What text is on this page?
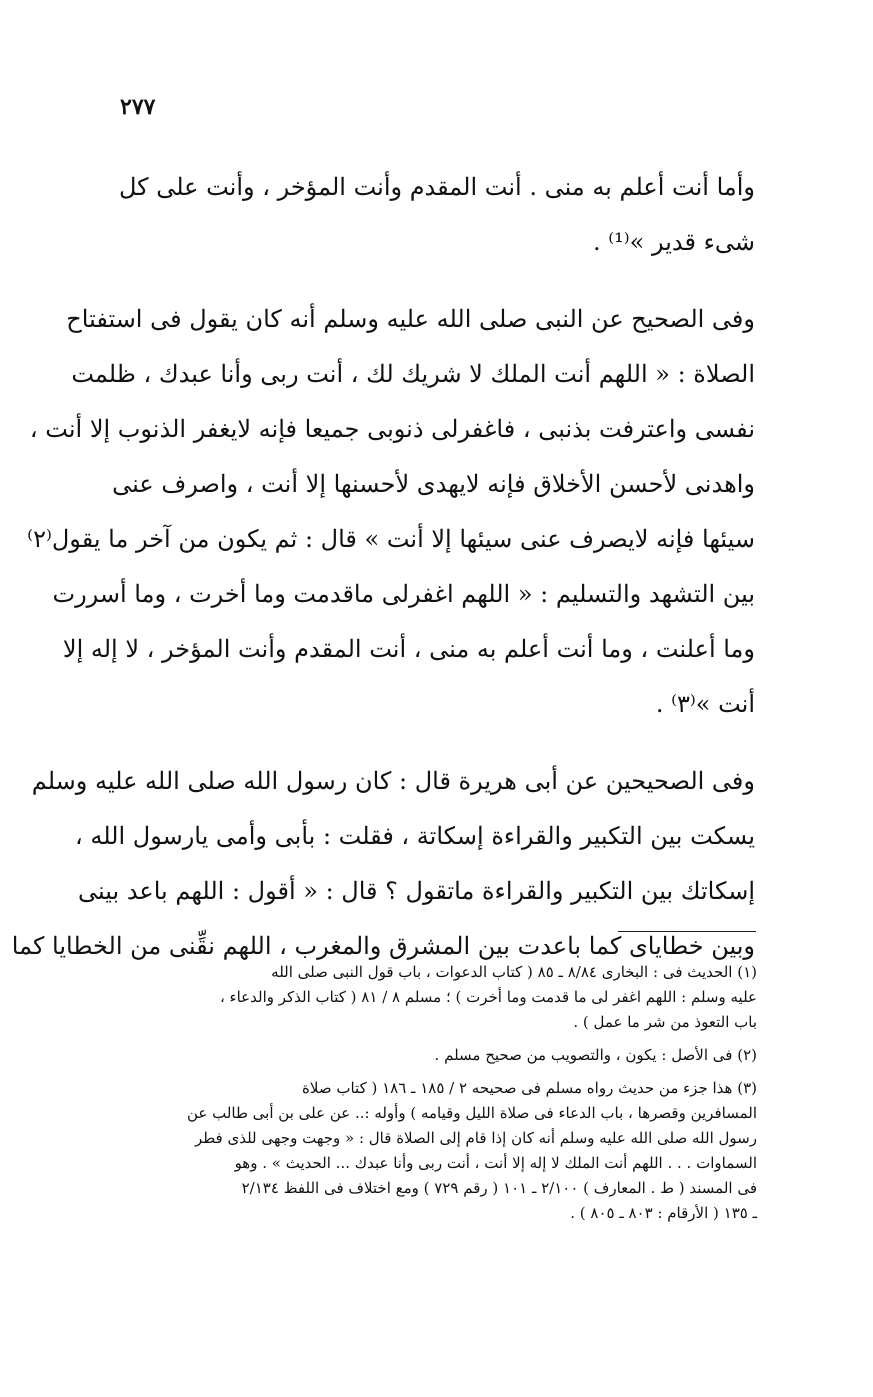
٢٧٧

وأما أنت أعلم به منى . أنت المقدم وأنت المؤخر ، وأنت على كل
شىء قدير »⁽¹⁾ .

وفى الصحيح عن النبى صلى الله عليه وسلم أنه كان يقول فى استفتاح
الصلاة : « اللهم أنت الملك لا شريك لك ، أنت ربى وأنا عبدك ، ظلمت
نفسى واعترفت بذنبى ، فاغفرلى ذنوبى جميعا فإنه لايغفر الذنوب إلا أنت ،
واهدنى لأحسن الأخلاق فإنه لايهدى لأحسنها إلا أنت ، واصرف عنى
سيئها فإنه لايصرف عنى سيئها إلا أنت » قال : ثم يكون من آخر ما يقول⁽٢⁾
بين التشهد والتسليم : « اللهم اغفرلى ماقدمت وما أخرت ، وما أسررت
وما أعلنت ، وما أنت أعلم به منى ، أنت المقدم وأنت المؤخر ، لا إله إلا
أنت »⁽٣⁾ .

وفى الصحيحين عن أبى هريرة قال : كان رسول الله صلى الله عليه وسلم
يسكت بين التكبير والقراءة إسكاتة ، فقلت : بأبى وأمى يارسول الله ،
إسكاتك بين التكبير والقراءة ماتقول ؟ قال : « أقول : اللهم باعد بينى
وبين خطاياى كما باعدت بين المشرق والمغرب ، اللهم نقِّنى من الخطايا كما

(١) الحديث فى : البخارى ٨/٨٤ ـ ٨٥ ( كتاب الدعوات ، باب قول النبى صلى الله
عليه وسلم : اللهم اغفر لى ما قدمت وما أخرت ) ؛ مسلم ٨ / ٨١ ( كتاب الذكر والدعاء ،
باب التعوذ من شر ما عمل ) .

(٢) فى الأصل : يكون ، والتصويب من صحيح مسلم .

(٣) هذا جزء من حديث رواه مسلم فى صحيحه ٢ / ١٨٥ ـ ١٨٦ ( كتاب صلاة
المسافرين وقصرها ، باب الدعاء فى صلاة الليل وقيامه ) وأوله :.. عن على بن أبى طالب عن
رسول الله صلى الله عليه وسلم أنه كان إذا قام إلى الصلاة قال : « وجهت وجهى للذى فطر
السماوات . . . اللهم أنت الملك لا إله إلا أنت ، أنت ربى وأنا عبدك ... الحديث » . وهو
فى المسند ( ط . المعارف ) ٢/١٠٠ ـ ١٠١ ( رقم ٧٢٩ ) ومع اختلاف فى اللفظ ٢/١٣٤
ـ ١٣٥ ( الأرقام : ٨٠٣ ـ ٨٠٥ ) .
